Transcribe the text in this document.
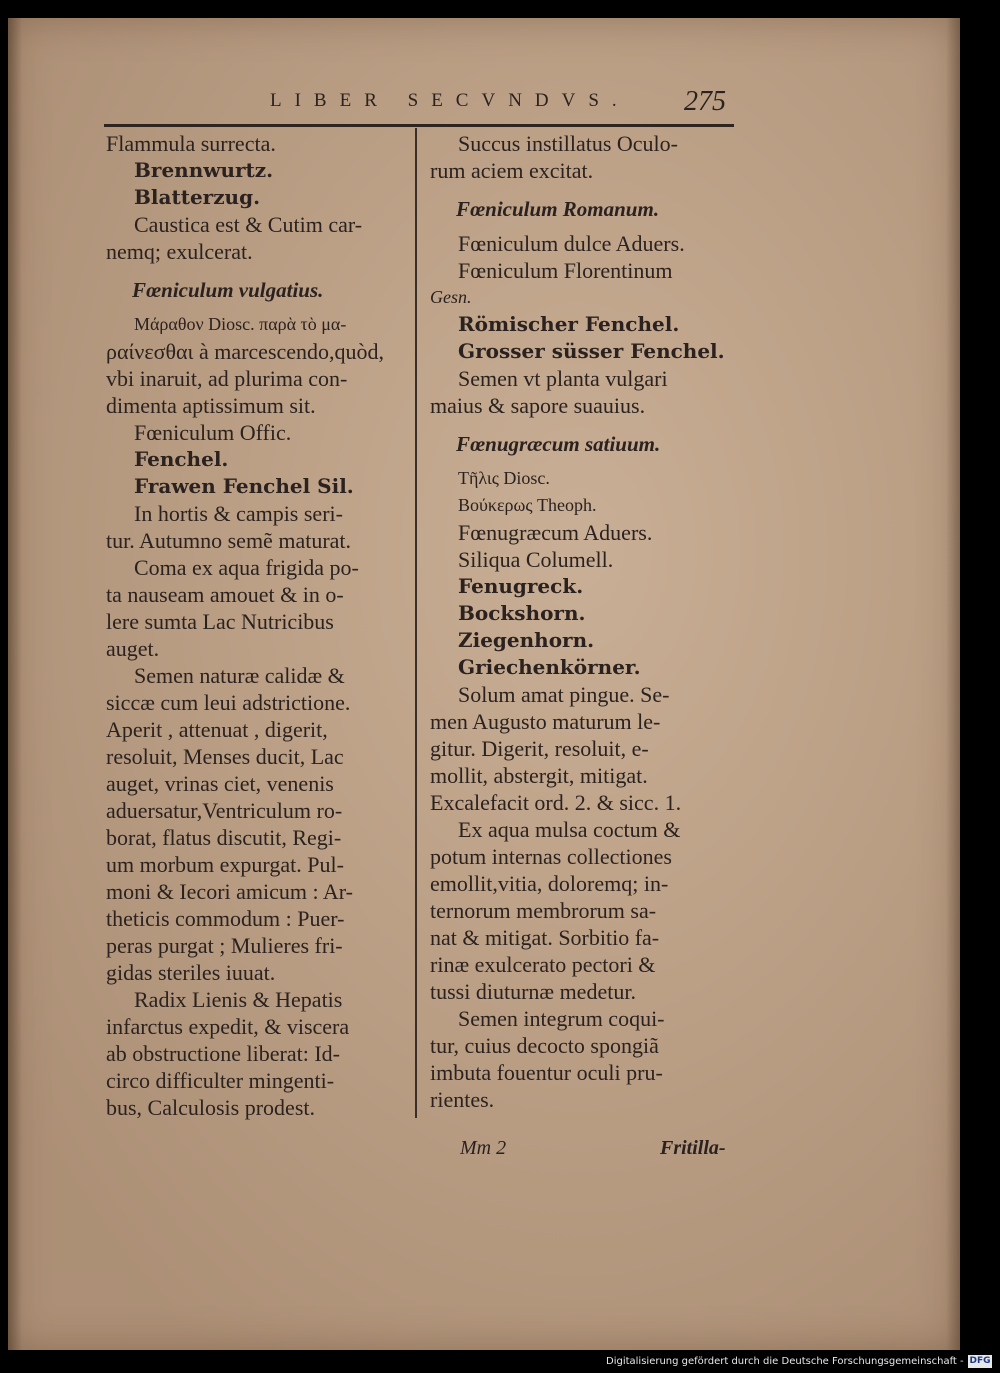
LIBER SECVNDVS. 275
Flammula surrecta.
Brennwurtz.
Blatterzug.
Caustica est & Cutim car-
nemq; exulcerat.
Fœniculum vulgatius.
Μάραθον Diosc. παρὰ τὸ μα-
ραίνεσθαι à marcescendo,quòd,
vbi inaruit, ad plurima con-
dimenta aptissimum sit.
Fœniculum Offic.
Fenchel.
Frawen Fenchel Sil.
In hortis & campis seri-
tur. Autumno semẽ maturat.
Coma ex aqua frigida po-
ta nauseam amouet & in o-
lere sumta Lac Nutricibus
auget.
Semen naturæ calidæ &
siccæ cum leui adstrictione.
Aperit , attenuat , digerit,
resoluit, Menses ducit, Lac
auget, vrinas ciet, venenis
aduersatur,Ventriculum ro-
borat, flatus discutit, Regi-
um morbum expurgat. Pul-
moni & Iecori amicum : Ar-
theticis commodum : Puer-
peras purgat ; Mulieres fri-
gidas steriles iuuat.
Radix Lienis & Hepatis
infarctus expedit, & viscera
ab obstructione liberat: Id-
circo difficulter mingenti-
bus, Calculosis prodest.
Succus instillatus Oculo-
rum aciem excitat.
Fœniculum Romanum.
Fœniculum dulce Aduers.
Fœniculum Florentinum
Gesn.
Römischer Fenchel.
Grosser süsser Fenchel.
Semen vt planta vulgari
maius & sapore suauius.
Fœnugræcum satiuum.
Τῆλις Diosc.
Βούκερως Theoph.
Fœnugræcum Aduers.
Siliqua Columell.
Fenugreck.
Bockshorn.
Ziegenhorn.
Griechenkörner.
Solum amat pingue. Se-
men Augusto maturum le-
gitur. Digerit, resoluit, e-
mollit, abstergit, mitigat.
Excalefacit ord. 2. & sicc. 1.
Ex aqua mulsa coctum &
potum internas collectiones
emollit,vitia, doloremq; in-
ternorum membrorum sa-
nat & mitigat. Sorbitio fa-
rinæ exulcerato pectori &
tussi diuturnæ medetur.
Semen integrum coqui-
tur, cuius decocto spongiã
imbuta fouentur oculi pru-
rientes.
Mm 2	Fritilla-
Digitalisierung gefördert durch die Deutsche Forschungsgemeinschaft - DFG
